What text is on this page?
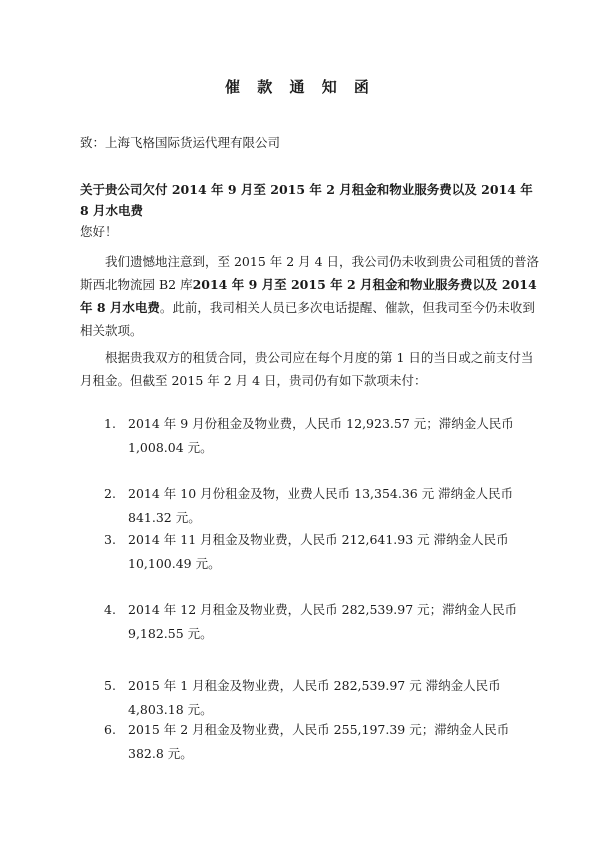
催 款 通 知 函
致：上海飞格国际货运代理有限公司
关于贵公司欠付 2014 年 9 月至 2015 年 2 月租金和物业服务费以及 2014 年 8 月水电费
您好！
我们遗憾地注意到，至 2015 年 2 月 4 日，我公司仍未收到贵公司租赁的普洛斯西北物流园 B2 库2014 年 9 月至 2015 年 2 月租金和物业服务费以及 2014 年 8 月水电费。此前，我司相关人员已多次电话提醒、催款，但我司至今仍未收到相关款项。
根据贵我双方的租赁合同，贵公司应在每个月度的第 1 日的当日或之前支付当月租金。但截至 2015 年 2 月 4 日，贵司仍有如下款项未付：
1. 2014 年 9 月份租金及物业费，人民币 12,923.57 元；滞纳金人民币 1,008.04 元。
2. 2014 年 10 月份租金及物，业费人民币 13,354.36 元 滞纳金人民币 841.32 元。
3. 2014 年 11 月租金及物业费，人民币 212,641.93 元 滞纳金人民币 10,100.49 元。
4. 2014 年 12 月租金及物业费，人民币 282,539.97 元；滞纳金人民币 9,182.55 元。
5. 2015 年 1 月租金及物业费，人民币 282,539.97 元 滞纳金人民币 4,803.18 元。
6. 2015 年 2 月租金及物业费，人民币 255,197.39 元；滞纳金人民币 382.8 元。
